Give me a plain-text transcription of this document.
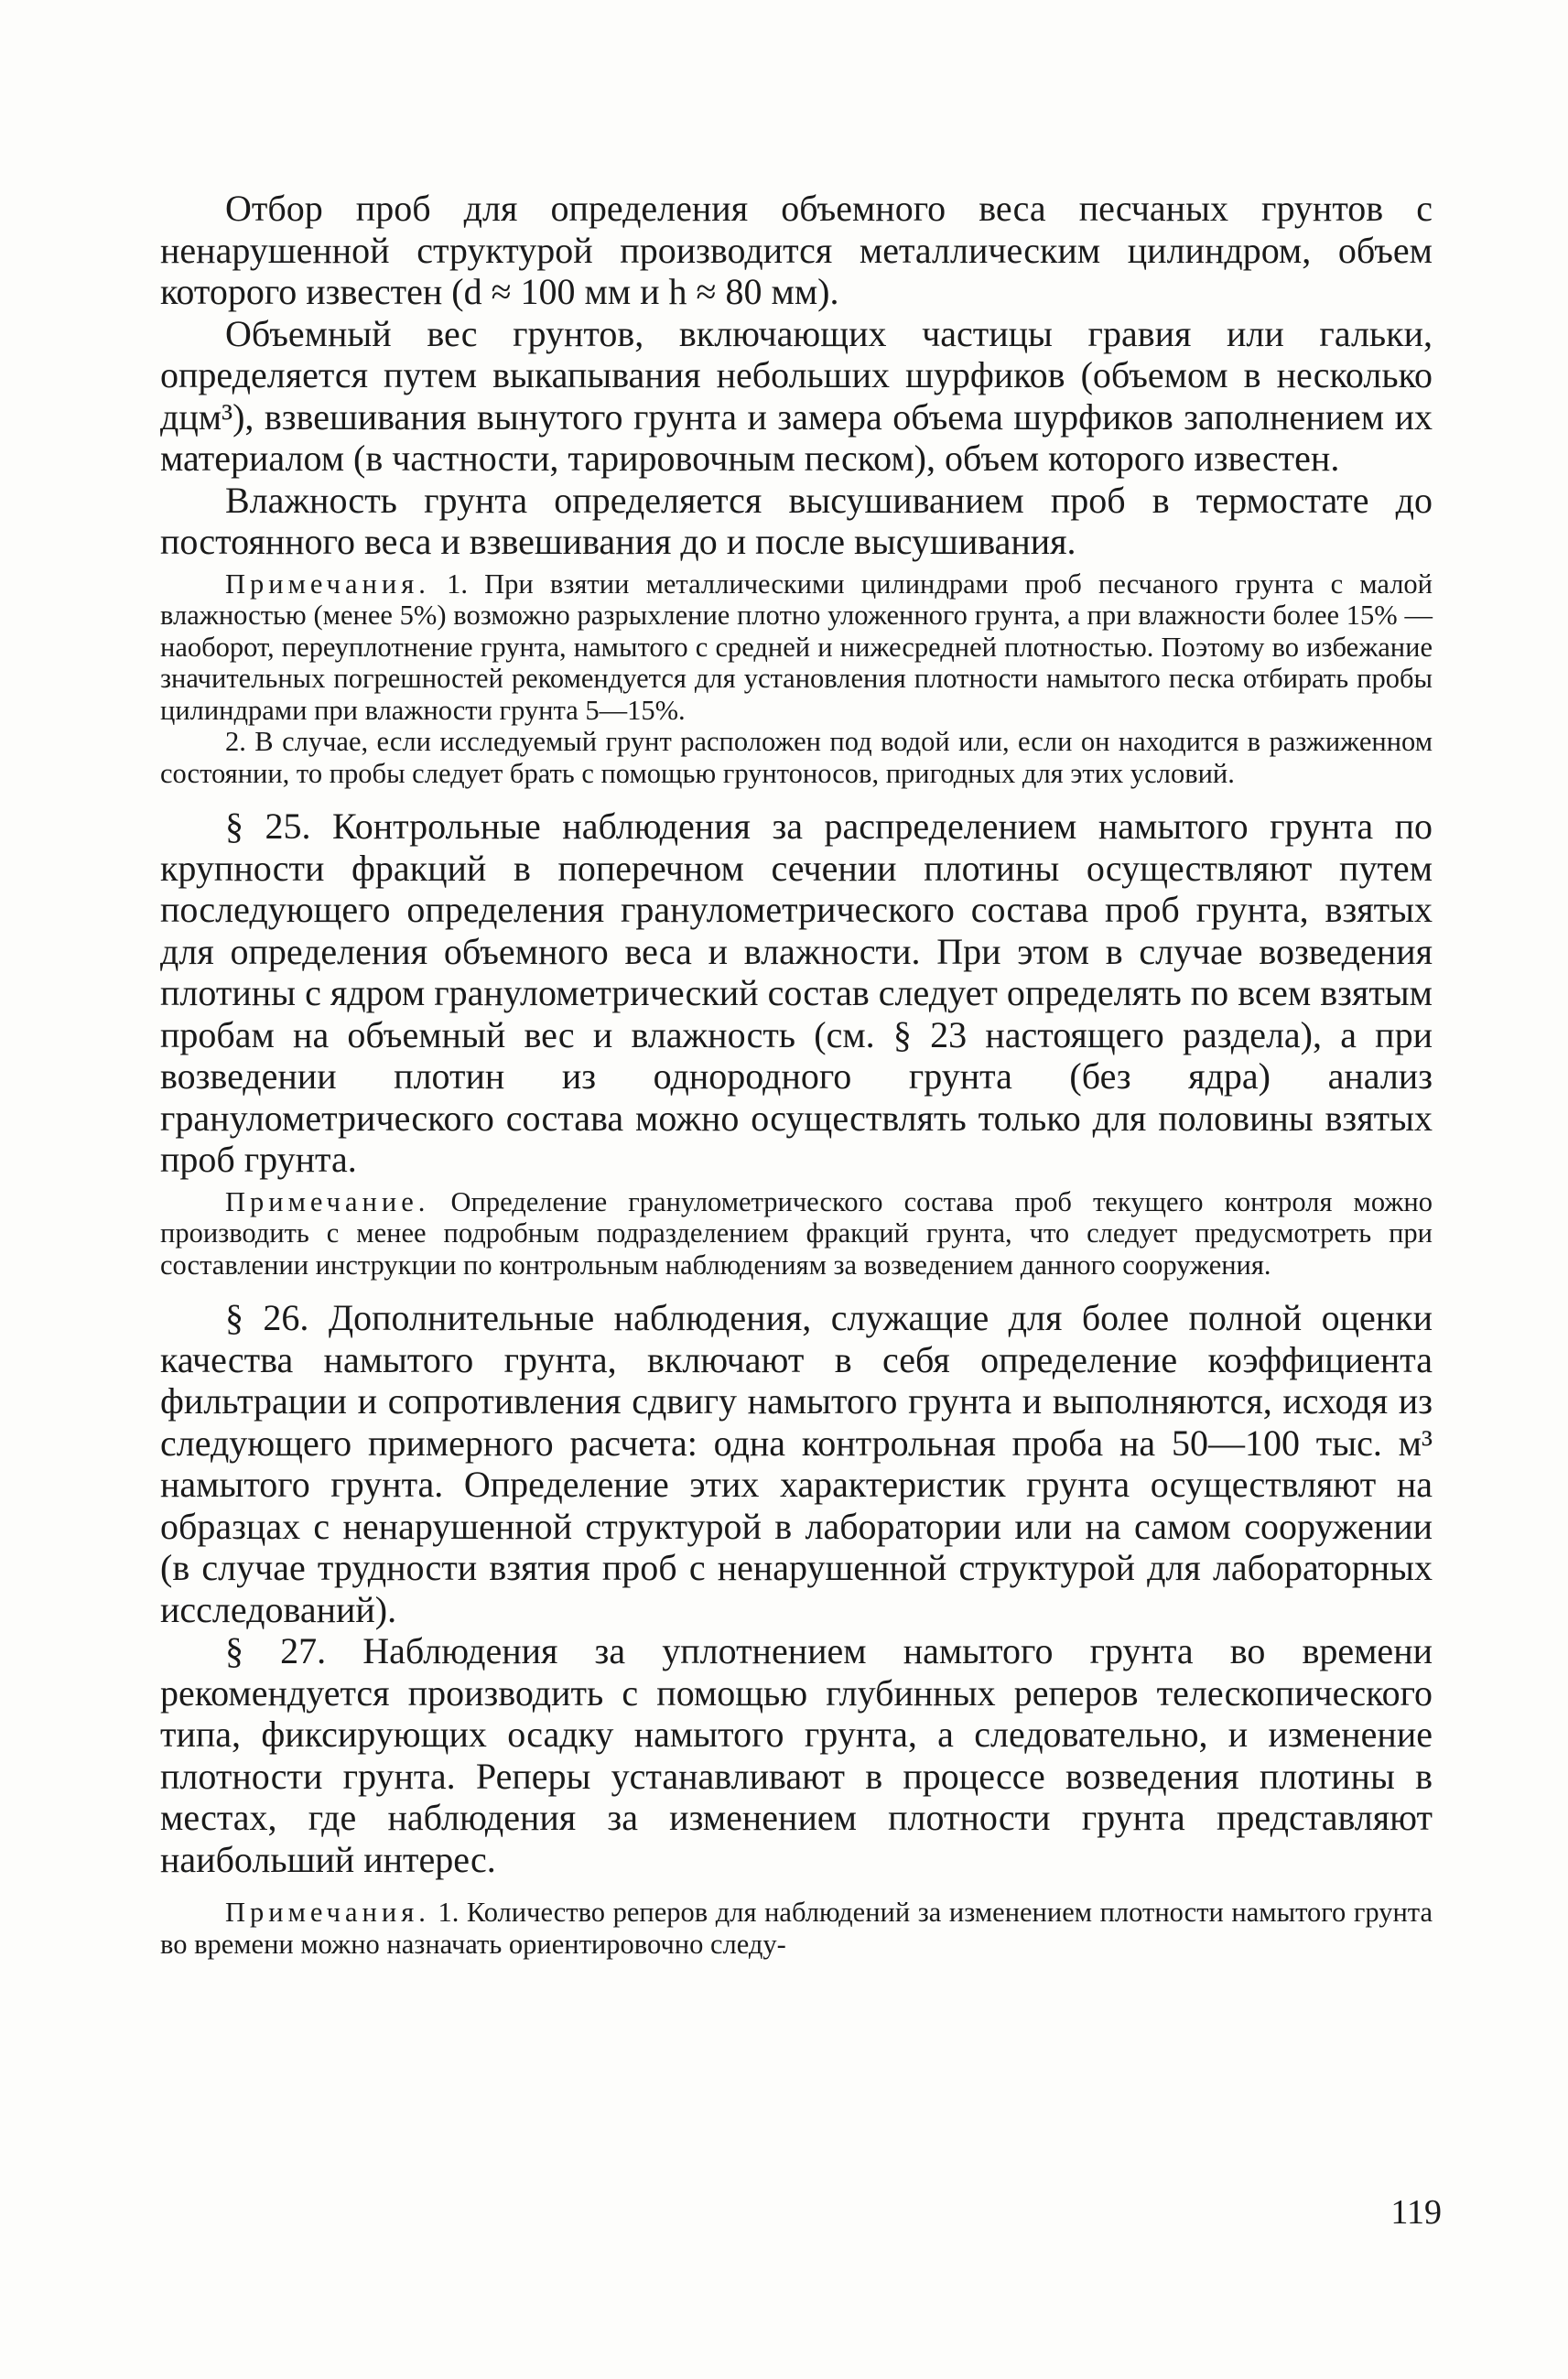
Отбор проб для определения объемного веса песчаных грунтов с ненарушенной структурой производится металлическим цилиндром, объем которого известен (d ≈ 100 мм и h ≈ 80 мм).

Объемный вес грунтов, включающих частицы гравия или гальки, определяется путем выкапывания небольших шурфиков (объемом в несколько дцм³), взвешивания вынутого грунта и замера объема шурфиков заполнением их материалом (в частности, тарировочным песком), объем которого известен.

Влажность грунта определяется высушиванием проб в термостате до постоянного веса и взвешивания до и после высушивания.

Примечания. 1. При взятии металлическими цилиндрами проб песчаного грунта с малой влажностью (менее 5%) возможно разрыхление плотно уложенного грунта, а при влажности более 15% — наоборот, переуплотнение грунта, намытого с средней и нижесредней плотностью. Поэтому во избежание значительных погрешностей рекомендуется для установления плотности намытого песка отбирать пробы цилиндрами при влажности грунта 5—15%.

2. В случае, если исследуемый грунт расположен под водой или, если он находится в разжиженном состоянии, то пробы следует брать с помощью грунтоносов, пригодных для этих условий.

§ 25. Контрольные наблюдения за распределением намытого грунта по крупности фракций в поперечном сечении плотины осуществляют путем последующего определения гранулометрического состава проб грунта, взятых для определения объемного веса и влажности. При этом в случае возведения плотины с ядром гранулометрический состав следует определять по всем взятым пробам на объемный вес и влажность (см. § 23 настоящего раздела), а при возведении плотин из однородного грунта (без ядра) анализ гранулометрического состава можно осуществлять только для половины взятых проб грунта.

Примечание. Определение гранулометрического состава проб текущего контроля можно производить с менее подробным подразделением фракций грунта, что следует предусмотреть при составлении инструкции по контрольным наблюдениям за возведением данного сооружения.

§ 26. Дополнительные наблюдения, служащие для более полной оценки качества намытого грунта, включают в себя определение коэффициента фильтрации и сопротивления сдвигу намытого грунта и выполняются, исходя из следующего примерного расчета: одна контрольная проба на 50—100 тыс. м³ намытого грунта. Определение этих характеристик грунта осуществляют на образцах с ненарушенной структурой в лаборатории или на самом сооружении (в случае трудности взятия проб с ненарушенной структурой для лабораторных исследований).

§ 27. Наблюдения за уплотнением намытого грунта во времени рекомендуется производить с помощью глубинных реперов телескопического типа, фиксирующих осадку намытого грунта, а следовательно, и изменение плотности грунта. Реперы устанавливают в процессе возведения плотины в местах, где наблюдения за изменением плотности грунта представляют наибольший интерес.

Примечания. 1. Количество реперов для наблюдений за изменением плотности намытого грунта во времени можно назначать ориентировочно следу-

119
